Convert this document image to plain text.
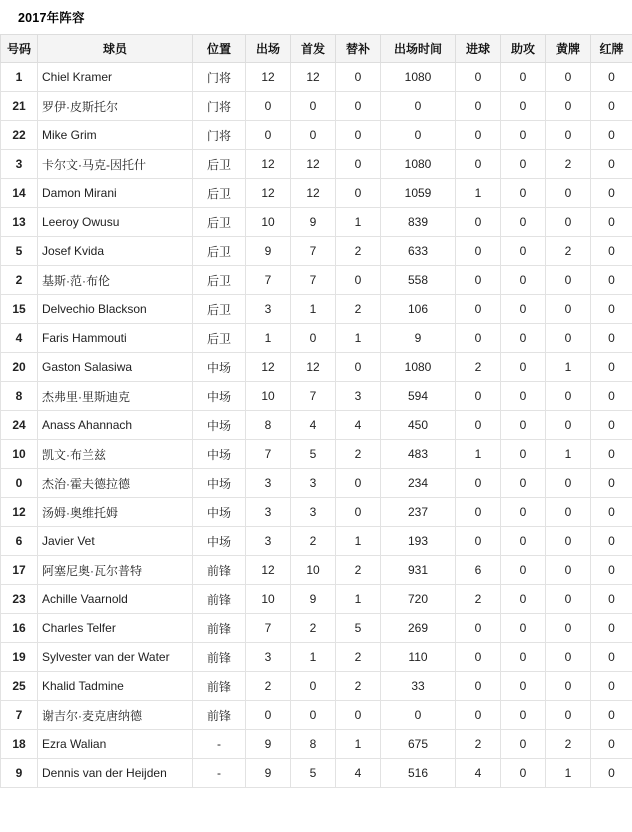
2017年阵容
号码	球员	位置	出场	首发	替补	出场时间	进球	助攻	黄牌	红牌
1	Chiel Kramer	门将	12	12	0	1080	0	0	0	0
21	罗伊·皮斯托尔	门将	0	0	0	0	0	0	0	0
22	Mike Grim	门将	0	0	0	0	0	0	0	0
3	卡尔文·马克-因托什	后卫	12	12	0	1080	0	0	2	0
14	Damon Mirani	后卫	12	12	0	1059	1	0	0	0
13	Leeroy Owusu	后卫	10	9	1	839	0	0	0	0
5	Josef Kvida	后卫	9	7	2	633	0	0	2	0
2	基斯·范·布伦	后卫	7	7	0	558	0	0	0	0
15	Delvechio Blackson	后卫	3	1	2	106	0	0	0	0
4	Faris Hammouti	后卫	1	0	1	9	0	0	0	0
20	Gaston Salasiwa	中场	12	12	0	1080	2	0	1	0
8	杰弗里·里斯迪克	中场	10	7	3	594	0	0	0	0
24	Anass Ahannach	中场	8	4	4	450	0	0	0	0
10	凯文·布兰兹	中场	7	5	2	483	1	0	1	0
0	杰治·霍夫德拉德	中场	3	3	0	234	0	0	0	0
12	汤姆·奥维托姆	中场	3	3	0	237	0	0	0	0
6	Javier Vet	中场	3	2	1	193	0	0	0	0
17	阿塞尼奥·瓦尔普特	前锋	12	10	2	931	6	0	0	0
23	Achille Vaarnold	前锋	10	9	1	720	2	0	0	0
16	Charles Telfer	前锋	7	2	5	269	0	0	0	0
19	Sylvester van der Water	前锋	3	1	2	110	0	0	0	0
25	Khalid Tadmine	前锋	2	0	2	33	0	0	0	0
7	谢吉尔·麦克唐纳德	前锋	0	0	0	0	0	0	0	0
18	Ezra Walian	-	9	8	1	675	2	0	2	0
9	Dennis van der Heijden	-	9	5	4	516	4	0	1	0
